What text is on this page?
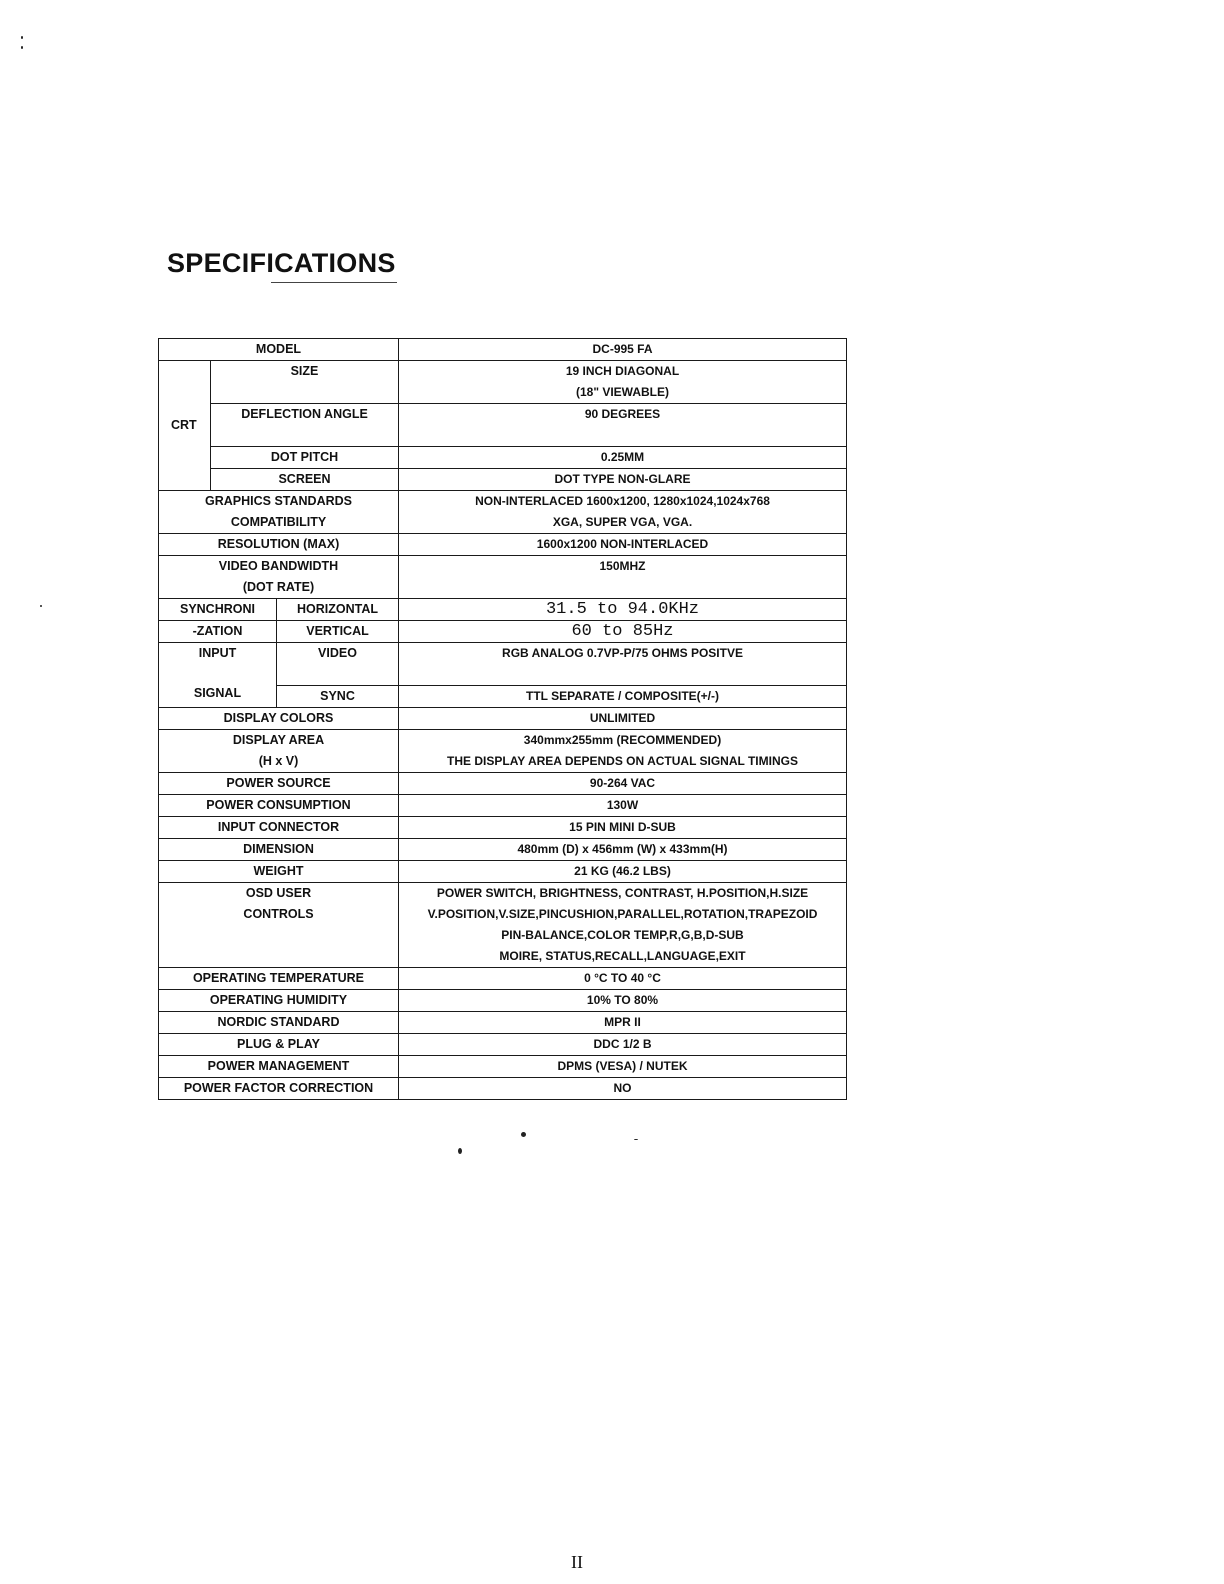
SPECIFICATIONS
MODEL			DC-995 FA
CRT	SIZE		19 INCH DIAGONAL
(18" VIEWABLE)

	DEFLECTION ANGLE		90 DEGREES
	DOT PITCH		0.25MM
	SCREEN		DOT TYPE NON-GLARE

GRAPHICS STANDARDS
COMPATIBILITY			NON-INTERLACED 1600x1200, 1280x1024,1024x768
XGA, SUPER VGA, VGA.

RESOLUTION (MAX)			1600x1200 NON-INTERLACED

VIDEO BANDWIDTH
(DOT RATE)			150MHZ
SYNCHRONI		HORIZONTAL	31.5 to 94.0KHz
-ZATION		VERTICAL	60 to 85Hz

INPUT
SIGNAL		VIDEO	RGB ANALOG 0.7VP-P/75 OHMS POSITVE
		SYNC	TTL SEPARATE / COMPOSITE(+/-)
DISPLAY COLORS			UNLIMITED

DISPLAY AREA
(H x V)			340mmx255mm (RECOMMENDED)
THE DISPLAY AREA DEPENDS ON ACTUAL SIGNAL TIMINGS

POWER SOURCE			90-264 VAC
POWER CONSUMPTION			130W
INPUT CONNECTOR			15 PIN MINI D-SUB
DIMENSION			480mm (D) x 456mm (W) x 433mm(H)
WEIGHT			21 KG (46.2 LBS)

OSD USER
CONTROLS			POWER SWITCH, BRIGHTNESS, CONTRAST, H.POSITION,H.SIZE
V.POSITION,V.SIZE,PINCUSHION,PARALLEL,ROTATION,TRAPEZOID
PIN-BALANCE,COLOR TEMP,R,G,B,D-SUB
MOIRE, STATUS,RECALL,LANGUAGE,EXIT

OPERATING TEMPERATURE			0 °C TO 40 °C
OPERATING HUMIDITY			10% TO 80%
NORDIC STANDARD			MPR II
PLUG & PLAY			DDC 1/2 B
POWER MANAGEMENT			DPMS (VESA) / NUTEK
POWER FACTOR CORRECTION			NO
II
